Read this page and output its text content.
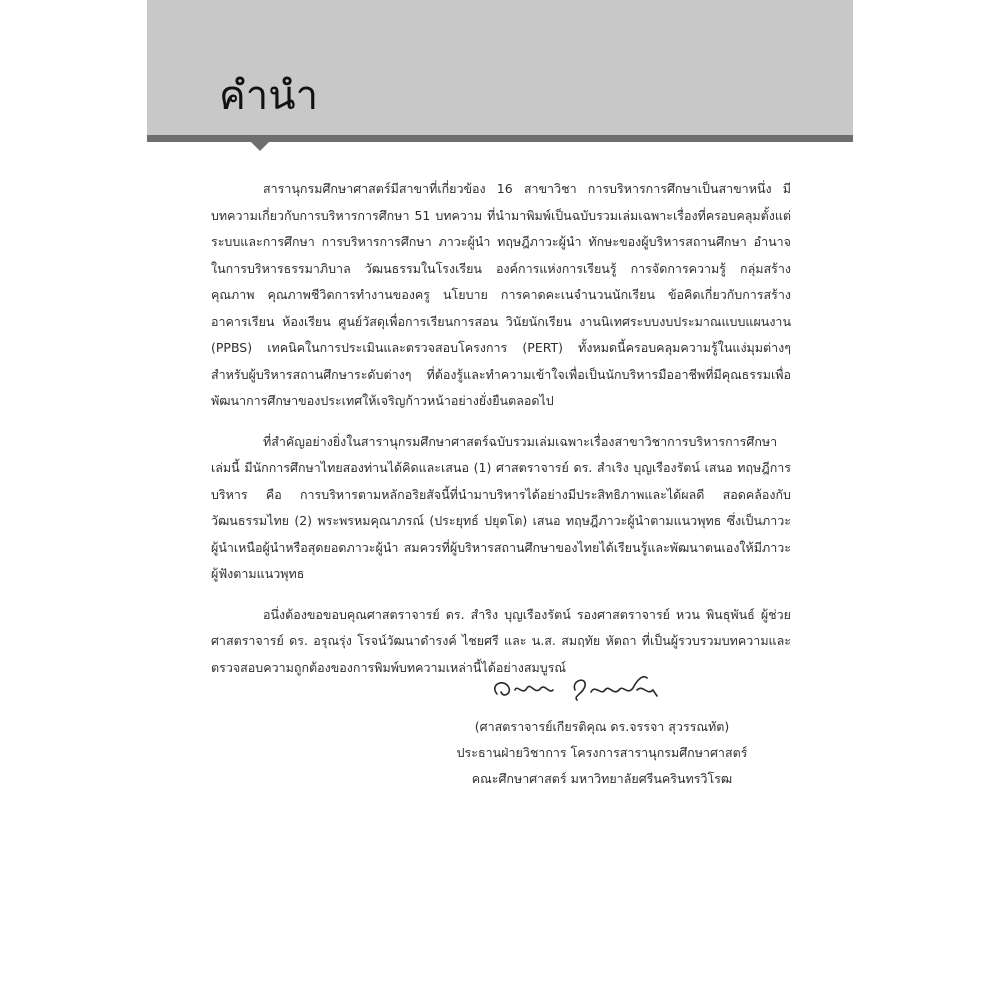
คำนำ

สารานุกรมศึกษาศาสตร์มีสาขาที่เกี่ยวข้อง 16 สาขาวิชา การบริหารการศึกษาเป็นสาขาหนึ่ง มีบทความเกี่ยวกับการบริหารการศึกษา 51 บทความ ที่นำมาพิมพ์เป็นฉบับรวมเล่มเฉพาะเรื่องที่ครอบคลุมตั้งแต่ระบบและการศึกษา การบริหารการศึกษา ภาวะผู้นำ ทฤษฎีภาวะผู้นำ ทักษะของผู้บริหารสถานศึกษา อำนาจในการบริหารธรรมาภิบาล วัฒนธรรมในโรงเรียน องค์การแห่งการเรียนรู้ การจัดการความรู้ กลุ่มสร้างคุณภาพ คุณภาพชีวิตการทำงานของครู นโยบาย การคาดคะเนจำนวนนักเรียน ข้อคิดเกี่ยวกับการสร้างอาคารเรียน ห้องเรียน ศูนย์วัสดุเพื่อการเรียนการสอน วินัยนักเรียน งานนิเทศระบบงบประมาณแบบแผนงาน (PPBS) เทคนิคในการประเมินและตรวจสอบโครงการ (PERT) ทั้งหมดนี้ครอบคลุมความรู้ในแง่มุมต่างๆ สำหรับผู้บริหารสถานศึกษาระดับต่างๆ ที่ต้องรู้และทำความเข้าใจเพื่อเป็นนักบริหารมืออาชีพที่มีคุณธรรมเพื่อพัฒนาการศึกษาของประเทศให้เจริญก้าวหน้าอย่างยั่งยืนตลอดไป

ที่สำคัญอย่างยิ่งในสารานุกรมศึกษาศาสตร์ฉบับรวมเล่มเฉพาะเรื่องสาขาวิชาการบริหารการศึกษาเล่มนี้ มีนักการศึกษาไทยสองท่านได้คิดและเสนอ (1) ศาสตราจารย์ ดร. สำเริง บุญเรืองรัตน์ เสนอ ทฤษฎีการบริหาร คือ การบริหารตามหลักอริยสัจนี้ที่นำมาบริหารได้อย่างมีประสิทธิภาพและได้ผลดี สอดคล้องกับวัฒนธรรมไทย (2) พระพรหมคุณาภรณ์ (ประยุทธ์ ปยุตโต) เสนอ ทฤษฎีภาวะผู้นำตามแนวพุทธ ซึ่งเป็นภาวะผู้นำเหนือผู้นำหรือสุดยอดภาวะผู้นำ สมควรที่ผู้บริหารสถานศึกษาของไทยได้เรียนรู้และพัฒนาตนเองให้มีภาวะผู้ฟังตามแนวพุทธ

อนึ่งต้องขอขอบคุณศาสตราจารย์ ดร. สำริง บุญเรืองรัตน์ รองศาสตราจารย์ หวน พินธุพันธ์ ผู้ช่วยศาสตราจารย์ ดร. อรุณรุ่ง โรจน์วัฒนาดำรงค์ ไชยศรี และ น.ส. สมฤทัย หัตถา ที่เป็นผู้รวบรวมบทความและตรวจสอบความถูกต้องของการพิมพ์บทความเหล่านี้ได้อย่างสมบูรณ์

(ศาสตราจารย์เกียรติคุณ ดร.จรรจา สุวรรณทัต)
ประธานฝ่ายวิชาการ โครงการสารานุกรมศึกษาศาสตร์
คณะศึกษาศาสตร์ มหาวิทยาลัยศรีนครินทรวิโรฒ
